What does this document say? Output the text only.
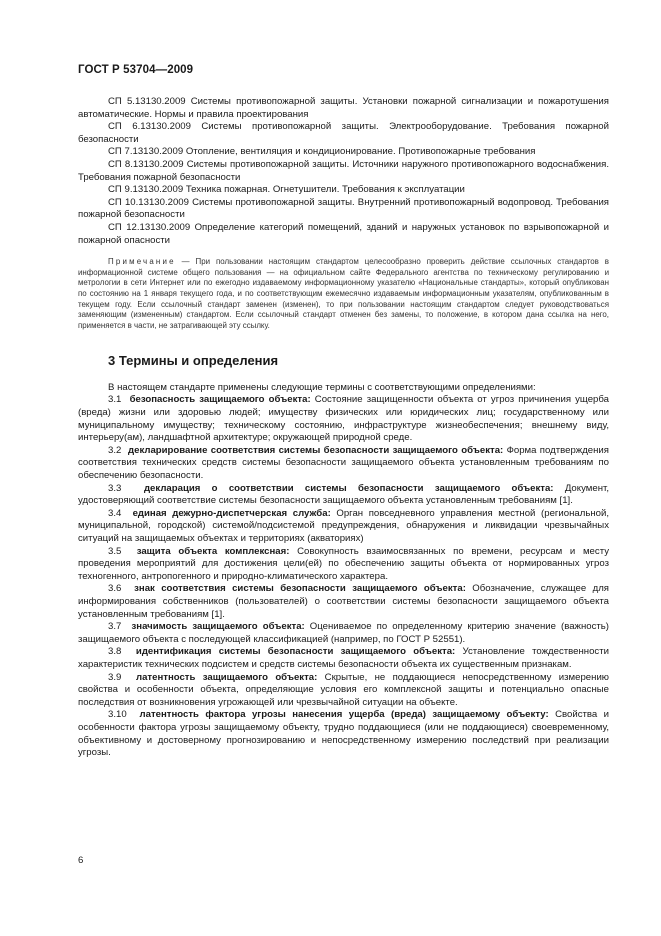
ГОСТ Р 53704—2009

СП 5.13130.2009 Системы противопожарной защиты. Установки пожарной сигнализации и пожаротушения автоматические. Нормы и правила проектирования

СП 6.13130.2009 Системы противопожарной защиты. Электрооборудование. Требования пожарной безопасности

СП 7.13130.2009 Отопление, вентиляция и кондиционирование. Противопожарные требования

СП 8.13130.2009 Системы противопожарной защиты. Источники наружного противопожарного водоснабжения. Требования пожарной безопасности

СП 9.13130.2009 Техника пожарная. Огнетушители. Требования к эксплуатации

СП 10.13130.2009 Системы противопожарной защиты. Внутренний противопожарный водопровод. Требования пожарной безопасности

СП 12.13130.2009 Определение категорий помещений, зданий и наружных установок по взрывопожарной и пожарной опасности

Примечание — При пользовании настоящим стандартом целесообразно проверить действие ссылочных стандартов в информационной системе общего пользования — на официальном сайте Федерального агентства по техническому регулированию и метрологии в сети Интернет или по ежегодно издаваемому информационному указателю «Национальные стандарты», который опубликован по состоянию на 1 января текущего года, и по соответствующим ежемесячно издаваемым информационным указателям, опубликованным в текущем году. Если ссылочный стандарт заменен (изменен), то при пользовании настоящим стандартом следует руководствоваться заменяющим (измененным) стандартом. Если ссылочный стандарт отменен без замены, то положение, в котором дана ссылка на него, применяется в части, не затрагивающей эту ссылку.

3 Термины и определения

В настоящем стандарте применены следующие термины с соответствующими определениями:

3.1 безопасность защищаемого объекта: Состояние защищенности объекта от угроз причинения ущерба (вреда) жизни или здоровью людей; имуществу физических или юридических лиц; государственному или муниципальному имуществу; техническому состоянию, инфраструктуре жизнеобеспечения; внешнему виду, интерьеру(ам), ландшафтной архитектуре; окружающей природной среде.

3.2 декларирование соответствия системы безопасности защищаемого объекта: Форма подтверждения соответствия технических средств системы безопасности защищаемого объекта установленным требованиям по обеспечению безопасности.

3.3 декларация о соответствии системы безопасности защищаемого объекта: Документ, удостоверяющий соответствие системы безопасности защищаемого объекта установленным требованиям [1].

3.4 единая дежурно-диспетчерская служба: Орган повседневного управления местной (региональной, муниципальной, городской) системой/подсистемой предупреждения, обнаружения и ликвидации чрезвычайных ситуаций на защищаемых объектах и территориях (акваториях)

3.5 защита объекта комплексная: Совокупность взаимосвязанных по времени, ресурсам и месту проведения мероприятий для достижения цели(ей) по обеспечению защиты объекта от нормированных угроз техногенного, антропогенного и природно-климатического характера.

3.6 знак соответствия системы безопасности защищаемого объекта: Обозначение, служащее для информирования собственников (пользователей) о соответствии системы безопасности защищаемого объекта установленным требованиям [1].

3.7 значимость защищаемого объекта: Оцениваемое по определенному критерию значение (важность) защищаемого объекта с последующей классификацией (например, по ГОСТ Р 52551).

3.8 идентификация системы безопасности защищаемого объекта: Установление тождественности характеристик технических подсистем и средств системы безопасности объекта их существенным признакам.

3.9 латентность защищаемого объекта: Скрытые, не поддающиеся непосредственному измерению свойства и особенности объекта, определяющие условия его комплексной защиты и потенциально опасные последствия от возникновения угрожающей или чрезвычайной ситуации на объекте.

3.10 латентность фактора угрозы нанесения ущерба (вреда) защищаемому объекту: Свойства и особенности фактора угрозы защищаемому объекту, трудно поддающиеся (или не поддающиеся) своевременному, объективному и достоверному прогнозированию и непосредственному измерению последствий при реализации угрозы.

6
